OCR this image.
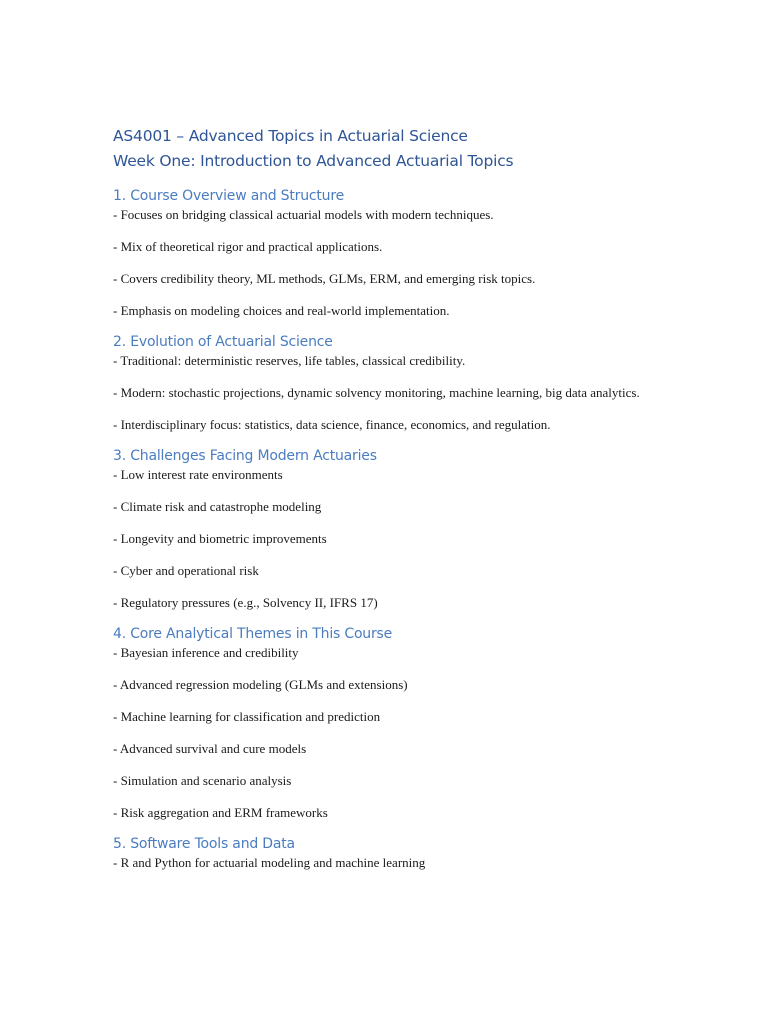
AS4001 – Advanced Topics in Actuarial Science

Week One: Introduction to Advanced Actuarial Topics

1. Course Overview and Structure

- Focuses on bridging classical actuarial models with modern techniques.

- Mix of theoretical rigor and practical applications.

- Covers credibility theory, ML methods, GLMs, ERM, and emerging risk topics.

- Emphasis on modeling choices and real-world implementation.

2. Evolution of Actuarial Science

- Traditional: deterministic reserves, life tables, classical credibility.

- Modern: stochastic projections, dynamic solvency monitoring, machine learning, big data analytics.

- Interdisciplinary focus: statistics, data science, finance, economics, and regulation.

3. Challenges Facing Modern Actuaries

- Low interest rate environments

- Climate risk and catastrophe modeling

- Longevity and biometric improvements

- Cyber and operational risk

- Regulatory pressures (e.g., Solvency II, IFRS 17)

4. Core Analytical Themes in This Course

- Bayesian inference and credibility

- Advanced regression modeling (GLMs and extensions)

- Machine learning for classification and prediction

- Advanced survival and cure models

- Simulation and scenario analysis

- Risk aggregation and ERM frameworks

5. Software Tools and Data

- R and Python for actuarial modeling and machine learning
